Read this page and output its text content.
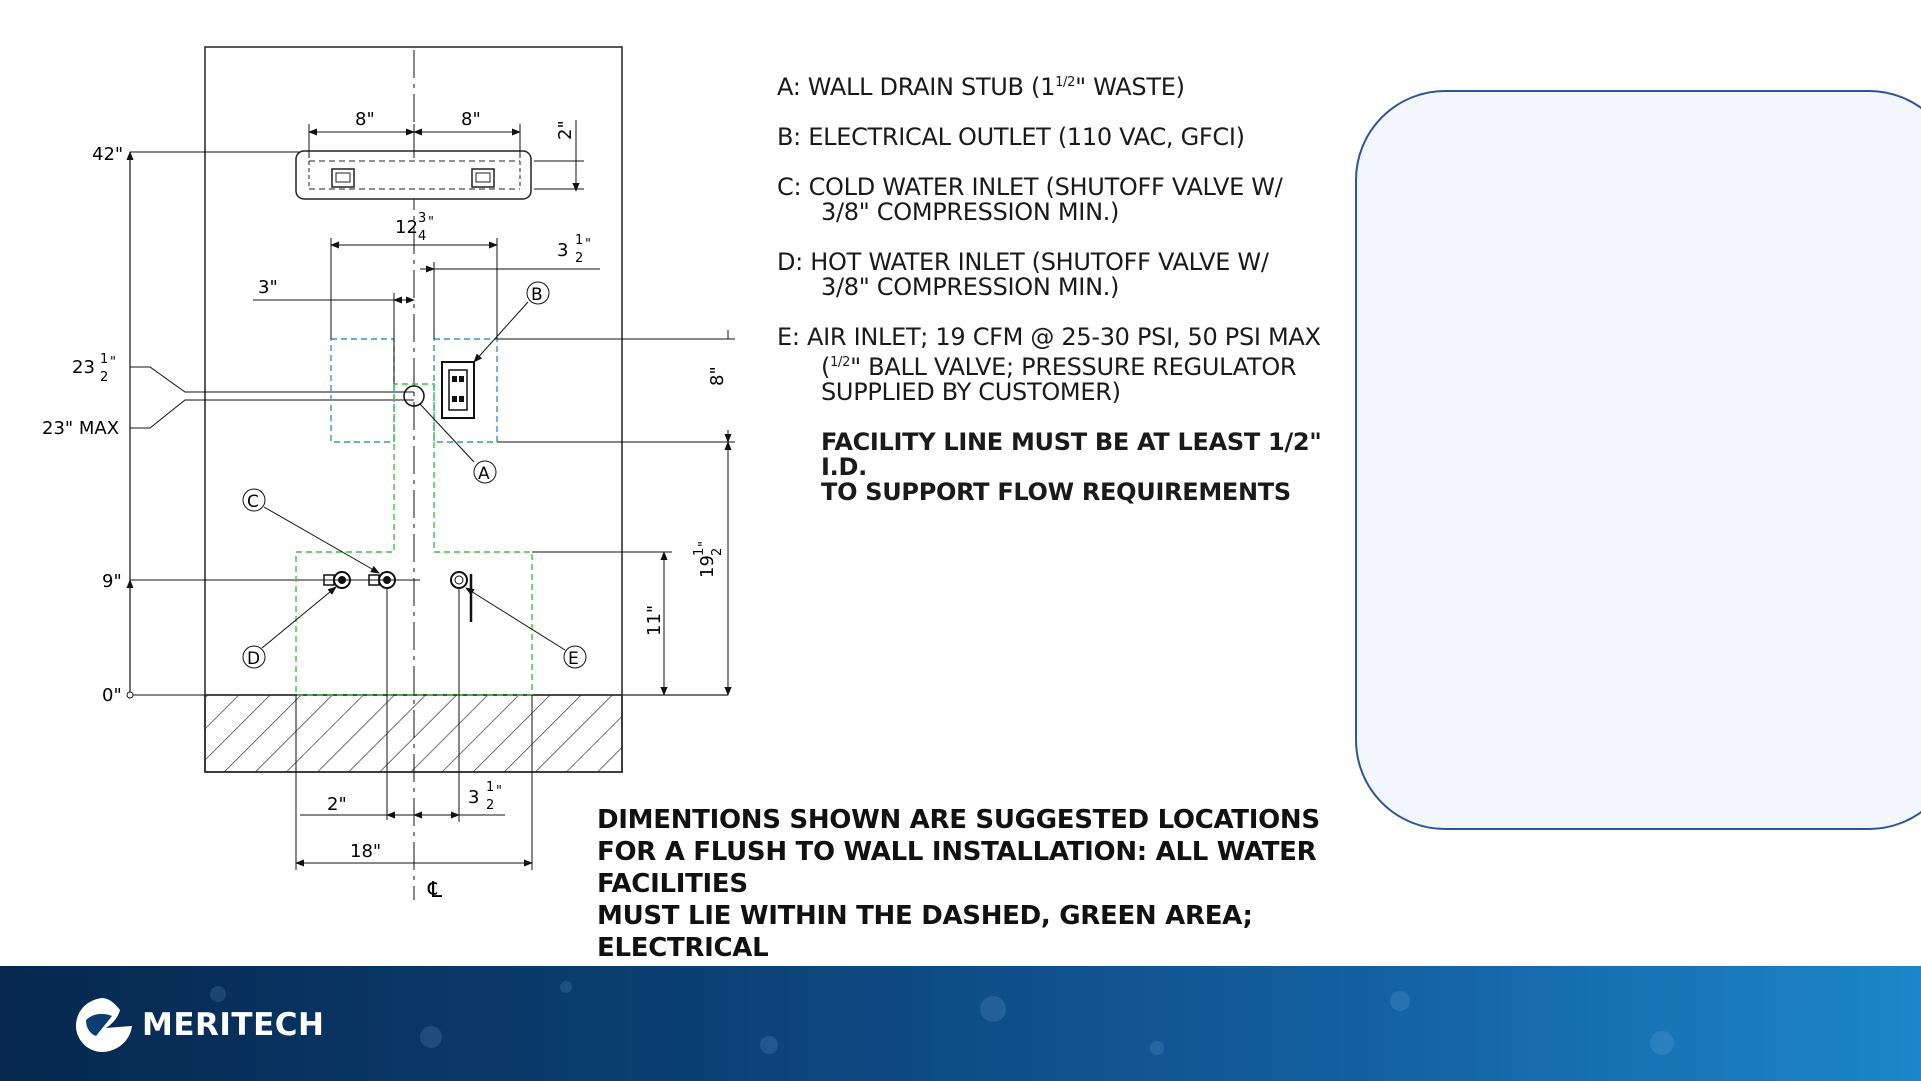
℄
8"	8"
2"
42"
9"
0"
23 1
2
"
23" MAX
12 3
4
"
3 1
2
"
3"
A
B
8"
19
1 2
"
11"
C
D	E
18"
2"	3 1
2
"
A: WALL DRAIN STUB ($1^{1/2}$" WASTE)
B: ELECTRICAL OUTLET (110 VAC, GFCI)
C: COLD WATER INLET (SHUTOFF VALVE W/
3/8" COMPRESSION MIN.)
D: HOT WATER INLET (SHUTOFF VALVE W/
3/8" COMPRESSION MIN.)
E: AIR INLET; 19 CFM @ 25-30 PSI, 50 PSI MAX
($^{1/2}$" BALL VALVE; PRESSURE REGULATOR
SUPPLIED BY CUSTOMER)
FACILITY LINE MUST BE AT LEAST 1/2" I.D.
TO SUPPORT FLOW REQUIREMENTS
DIMENTIONS SHOWN ARE SUGGESTED LOCATIONS
FOR A FLUSH TO WALL INSTALLATION: ALL WATER FACILITIES
MUST LIE WITHIN THE DASHED, GREEN AREA; ELECTRICAL
MERITECH
